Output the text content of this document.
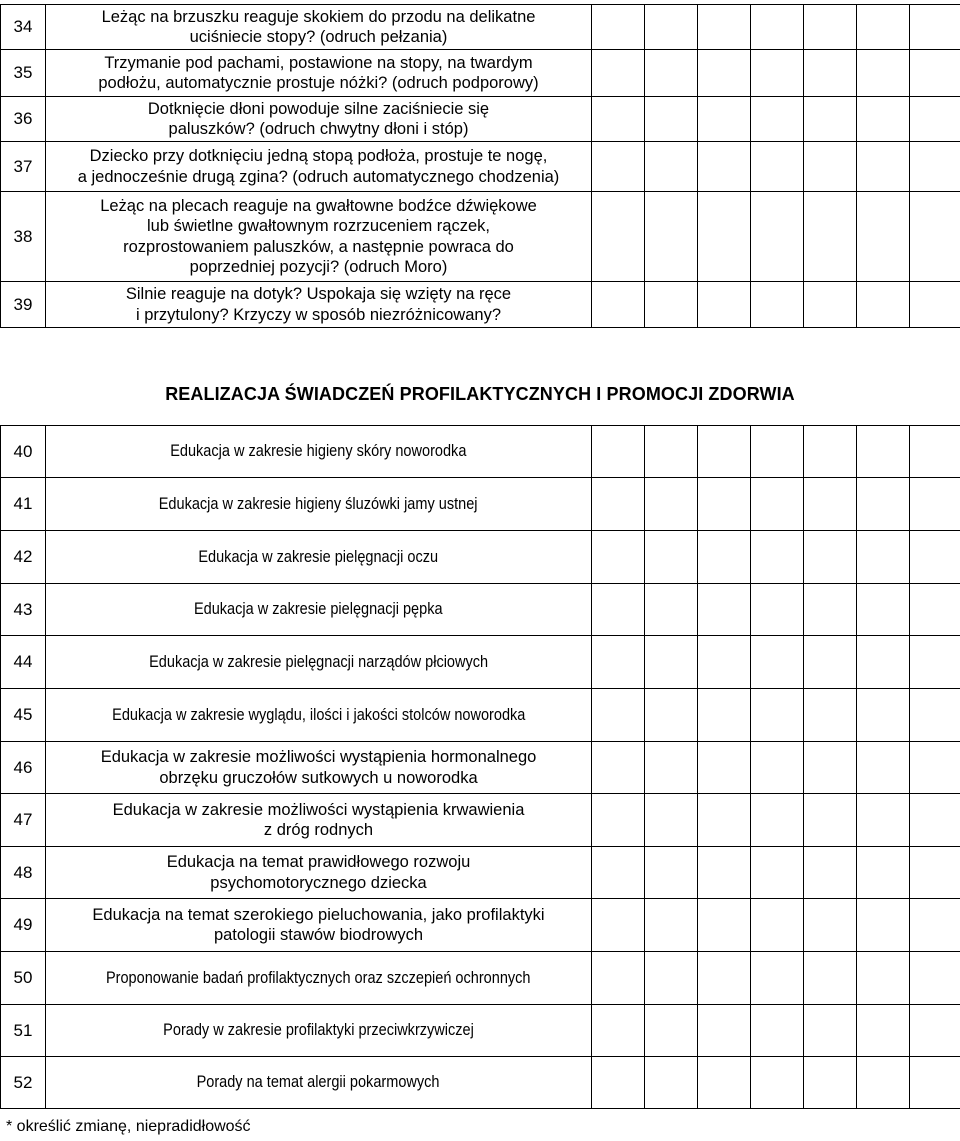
34	Leżąc na brzuszku reaguje skokiem do przodu na delikatne
uciśniecie stopy? (odruch pełzania)							
35	Trzymanie pod pachami, postawione na stopy, na twardym
podłożu, automatycznie prostuje nóżki? (odruch podporowy)							
36	Dotknięcie dłoni powoduje silne zaciśniecie się
paluszków? (odruch chwytny dłoni i stóp)							
37	Dziecko przy dotknięciu jedną stopą podłoża, prostuje te nogę,
a jednocześnie drugą zgina? (odruch automatycznego chodzenia)							
38	Leżąc na plecach reaguje na gwałtowne bodźce dźwiękowe
lub świetlne gwałtownym rozrzuceniem rączek,
rozprostowaniem paluszków, a następnie powraca do
poprzedniej pozycji? (odruch Moro)							
39	Silnie reaguje na dotyk? Uspokaja się wzięty na ręce
i przytulony? Krzyczy w sposób niezróżnicowany?							
REALIZACJA ŚWIADCZEŃ PROFILAKTYCZNYCH I PROMOCJI ZDORWIA
40	Edukacja w zakresie higieny skóry noworodka							
41	Edukacja w zakresie higieny śluzówki jamy ustnej							
42	Edukacja w zakresie pielęgnacji oczu							
43	Edukacja w zakresie pielęgnacji pępka							
44	Edukacja w zakresie pielęgnacji narządów płciowych							
45	Edukacja w zakresie wyglądu, ilości i jakości stolców noworodka							
46	Edukacja w zakresie możliwości wystąpienia hormonalnego
obrzęku gruczołów sutkowych u noworodka							
47	Edukacja w zakresie możliwości wystąpienia krwawienia
z dróg rodnych							
48	Edukacja na temat prawidłowego rozwoju
psychomotorycznego dziecka							
49	Edukacja na temat szerokiego pieluchowania, jako profilaktyki
patologii stawów biodrowych							
50	Proponowanie badań profilaktycznych oraz szczepień ochronnych							
51	Porady w zakresie profilaktyki przeciwkrzywiczej							
52	Porady na temat alergii pokarmowych							
* określić zmianę, niepradidłowość
